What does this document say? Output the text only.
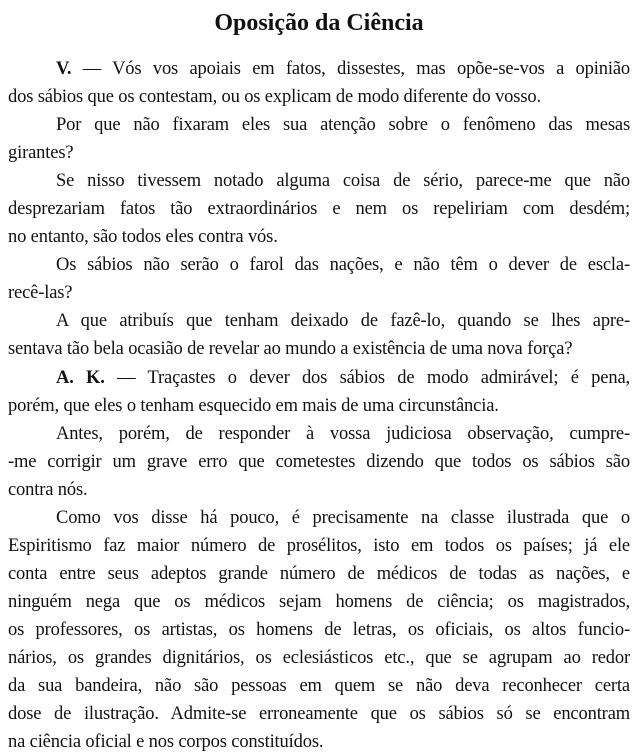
Oposição da Ciência
V. — Vós vos apoiais em fatos, dissestes, mas opõe-se-vos a opinião
dos sábios que os contestam, ou os explicam de modo diferente do vosso.
Por que não fixaram eles sua atenção sobre o fenômeno das mesas
girantes?
Se nisso tivessem notado alguma coisa de sério, parece-me que não
desprezariam fatos tão extraordinários e nem os repeliriam com desdém;
no entanto, são todos eles contra vós.
Os sábios não serão o farol das nações, e não têm o dever de escla-
recê-las?
A que atribuís que tenham deixado de fazê-lo, quando se lhes apre-
sentava tão bela ocasião de revelar ao mundo a existência de uma nova força?
A. K. — Traçastes o dever dos sábios de modo admirável; é pena,
porém, que eles o tenham esquecido em mais de uma circunstância.
Antes, porém, de responder à vossa judiciosa observação, cumpre-
-me corrigir um grave erro que cometestes dizendo que todos os sábios são
contra nós.
Como vos disse há pouco, é precisamente na classe ilustrada que o
Espiritismo faz maior número de prosélitos, isto em todos os países; já ele
conta entre seus adeptos grande número de médicos de todas as nações, e
ninguém nega que os médicos sejam homens de ciência; os magistrados,
os professores, os artistas, os homens de letras, os oficiais, os altos funcio-
nários, os grandes dignitários, os eclesiásticos etc., que se agrupam ao redor
da sua bandeira, não são pessoas em quem se não deva reconhecer certa
dose de ilustração. Admite-se erroneamente que os sábios só se encontram
na ciência oficial e nos corpos constituídos.
